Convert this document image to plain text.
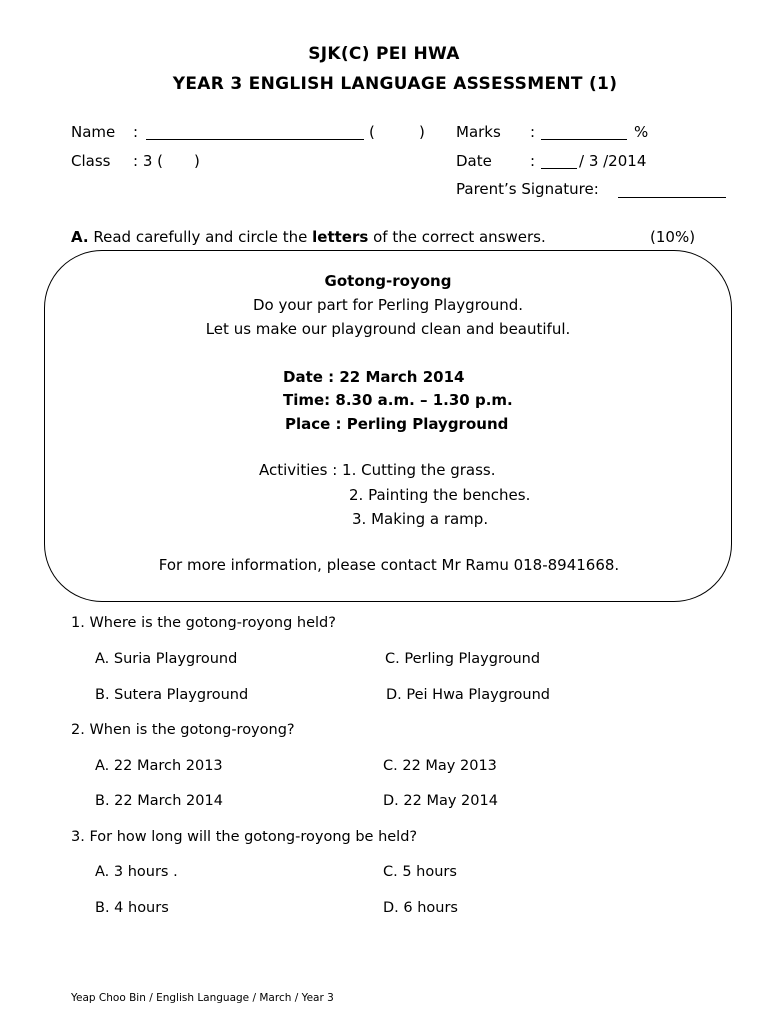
SJK(C) PEI HWA
YEAR 3 ENGLISH LANGUAGE ASSESSMENT (1)
Name :	(	)
Class : 3 ( )
Marks :	%
Date	:	/ 3 /2014
Parent’s Signature:
A. Read carefully and circle the letters of the correct answers.	(10%)
Gotong-royong
Do your part for Perling Playground.
Let us make our playground clean and beautiful.
Date : 22 March 2014
Time: 8.30 a.m. – 1.30 p.m.
Place : Perling Playground
Activities : 1. Cutting the grass.
2. Painting the benches.
3. Making a ramp.
For more information, please contact Mr Ramu 018-8941668.
1. Where is the gotong-royong held?
A. Suria Playground
B. Sutera Playground
C. Perling Playground
D. Pei Hwa Playground
2. When is the gotong-royong?
A. 22 March 2013
B. 22 March 2014
C. 22 May 2013
D. 22 May 2014
3. For how long will the gotong-royong be held?
A. 3 hours .
B. 4 hours
C. 5 hours
D. 6 hours
Yeap Choo Bin / English Language / March / Year 3
